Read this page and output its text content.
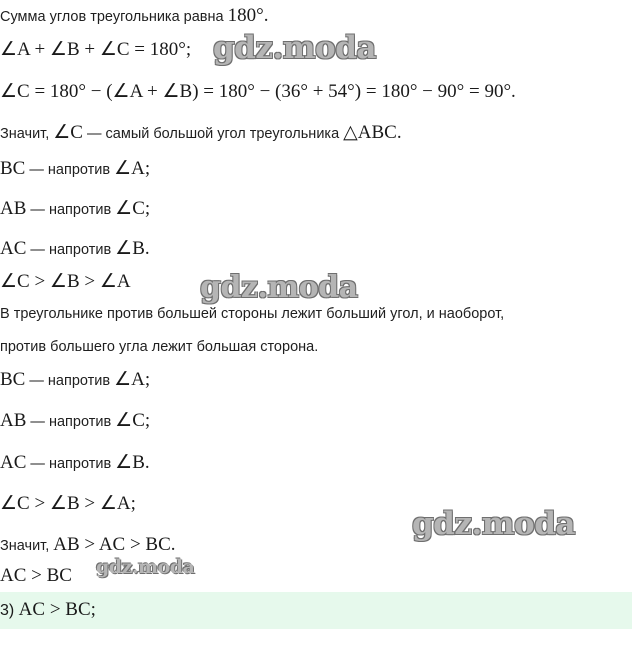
Сумма углов треугольника равна 180°.
∠A + ∠B + ∠C = 180°; gdz.moda
∠C = 180° − (∠A + ∠B) = 180° − (36° + 54°) = 180° − 90° = 90°.
Значит, ∠C — самый большой угол треугольника △ABC.
BC — напротив ∠A;
AB — напротив ∠C;
AC — напротив ∠B.
∠C > ∠B > ∠A gdz.moda
В треугольнике против большей стороны лежит больший угол, и наоборот,
против большего угла лежит большая сторона.
BC — напротив ∠A;
AB — напротив ∠C;
AC — напротив ∠B.
∠C > ∠B > ∠A;
gdz.moda
Значит, AB > AC > BC.
AC > BC gdz.moda
3) AC > BC;
